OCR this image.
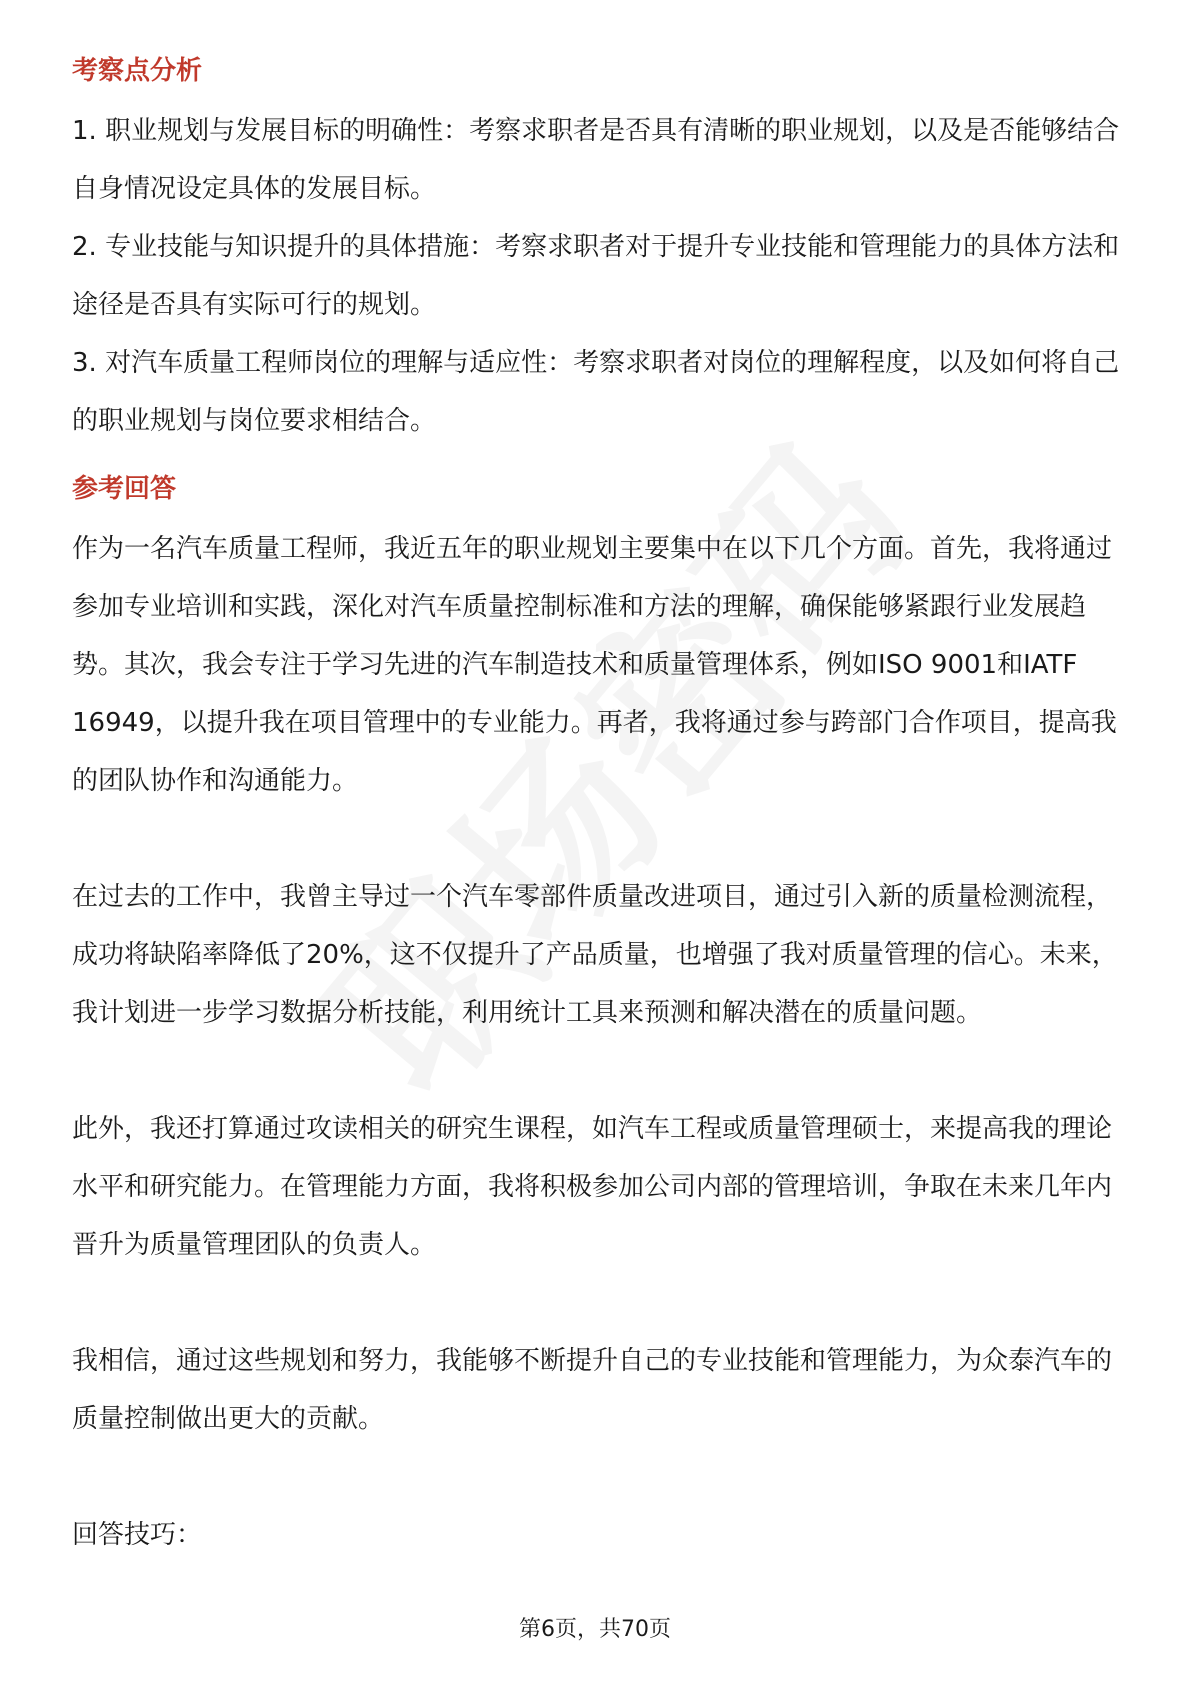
考察点分析

1. 职业规划与发展目标的明确性：考察求职者是否具有清晰的职业规划，以及是否能够结合自身情况设定具体的发展目标。

2. 专业技能与知识提升的具体措施：考察求职者对于提升专业技能和管理能力的具体方法和途径是否具有实际可行的规划。

3. 对汽车质量工程师岗位的理解与适应性：考察求职者对岗位的理解程度，以及如何将自己的职业规划与岗位要求相结合。

参考回答

作为一名汽车质量工程师，我近五年的职业规划主要集中在以下几个方面。首先，我将通过参加专业培训和实践，深化对汽车质量控制标准和方法的理解，确保能够紧跟行业发展趋势。其次，我会专注于学习先进的汽车制造技术和质量管理体系，例如ISO 9001和IATF 16949，以提升我在项目管理中的专业能力。再者，我将通过参与跨部门合作项目，提高我的团队协作和沟通能力。

在过去的工作中，我曾主导过一个汽车零部件质量改进项目，通过引入新的质量检测流程，成功将缺陷率降低了20%，这不仅提升了产品质量，也增强了我对质量管理的信心。未来，我计划进一步学习数据分析技能，利用统计工具来预测和解决潜在的质量问题。

此外，我还打算通过攻读相关的研究生课程，如汽车工程或质量管理硕士，来提高我的理论水平和研究能力。在管理能力方面，我将积极参加公司内部的管理培训，争取在未来几年内晋升为质量管理团队的负责人。

我相信，通过这些规划和努力，我能够不断提升自己的专业技能和管理能力，为众泰汽车的质量控制做出更大的贡献。

回答技巧：

第6页，共70页
